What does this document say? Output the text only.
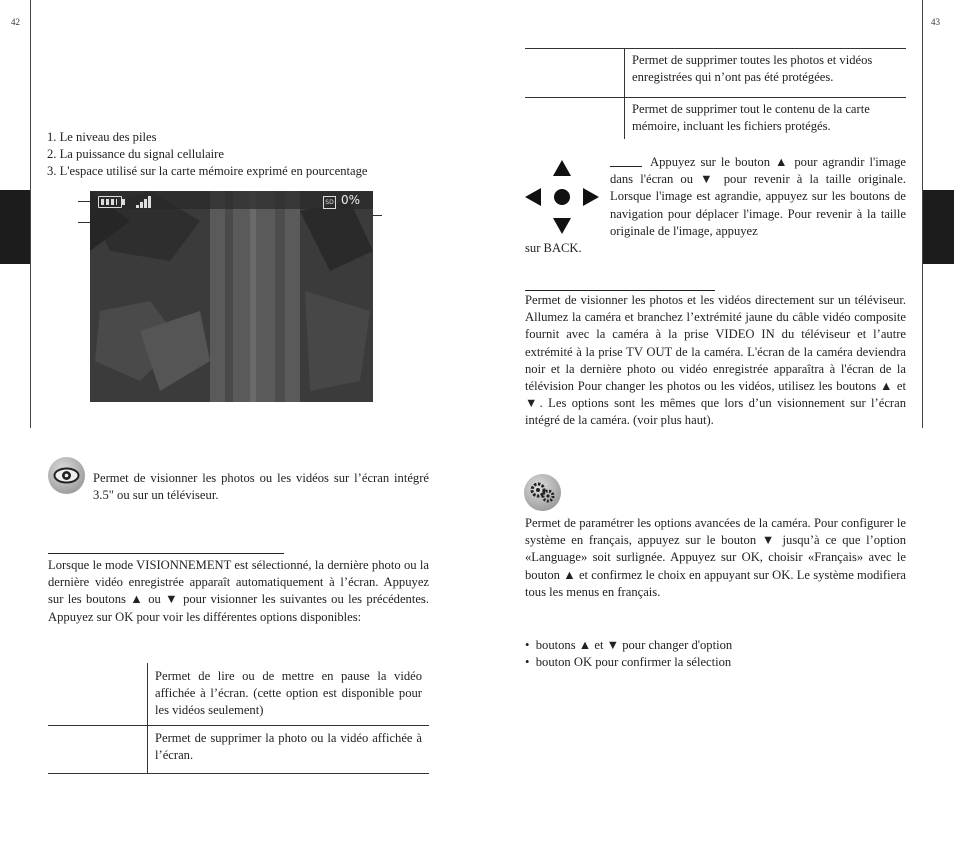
42	43
1. Le niveau des piles
2. La puissance du signal cellulaire
3. L'espace utilisé sur la carte mémoire exprimé en pourcentage
SD 0%
Permet de visionner les photos ou les vidéos sur l’écran intégré 3.5" ou sur un téléviseur.
Lorsque le mode VISIONNEMENT est sélectionné, la dernière photo ou la dernière vidéo enregistrée apparaît automatiquement à l’écran. Appuyez sur les boutons ▲ ou ▼ pour visionner les suivantes ou les précédentes. Appuyez sur OK pour voir les différentes options disponibles:
Permet de lire ou de mettre en pause la vidéo affichée à l’écran. (cette option est disponible pour les vidéos seulement)
Permet de supprimer la photo ou la vidéo affichée à l’écran.
Permet de supprimer toutes les photos et vidéos enregistrées qui n’ont pas été protégées.
Permet de supprimer tout le contenu de la carte mémoire, incluant les fichiers protégés.
Appuyez sur le bouton ▲ pour agrandir l'image dans l'écran ou ▼ pour revenir à la taille originale. Lorsque l'image est agrandie, appuyez sur les boutons de navigation pour déplacer l'image. Pour revenir à la taille originale de l'image, appuyez
sur BACK.
Permet de visionner les photos et les vidéos directement sur un téléviseur. Allumez la caméra et branchez l’extrémité jaune du câble vidéo composite fournit avec la caméra à la prise VIDEO IN du téléviseur et l’autre extrémité à la prise TV OUT de la caméra. L'écran de la caméra deviendra noir et la dernière photo ou vidéo enregistrée apparaîtra à l'écran de la télévision Pour changer les photos ou les vidéos, utilisez les boutons ▲ et ▼. Les options sont les mêmes que lors d’un visionnement sur l’écran intégré de la caméra. (voir plus haut).
Permet de paramétrer les options avancées de la caméra. Pour configurer le système en français, appuyez sur le bouton ▼ jusqu’à ce que l’option «Language» soit surlignée. Appuyez sur OK, choisir «Français» avec le bouton ▲ et confirmez le choix en appuyant sur OK. Le système modifiera tous les menus en français.
•  boutons ▲ et ▼ pour changer d'option
•  bouton OK pour confirmer la sélection
